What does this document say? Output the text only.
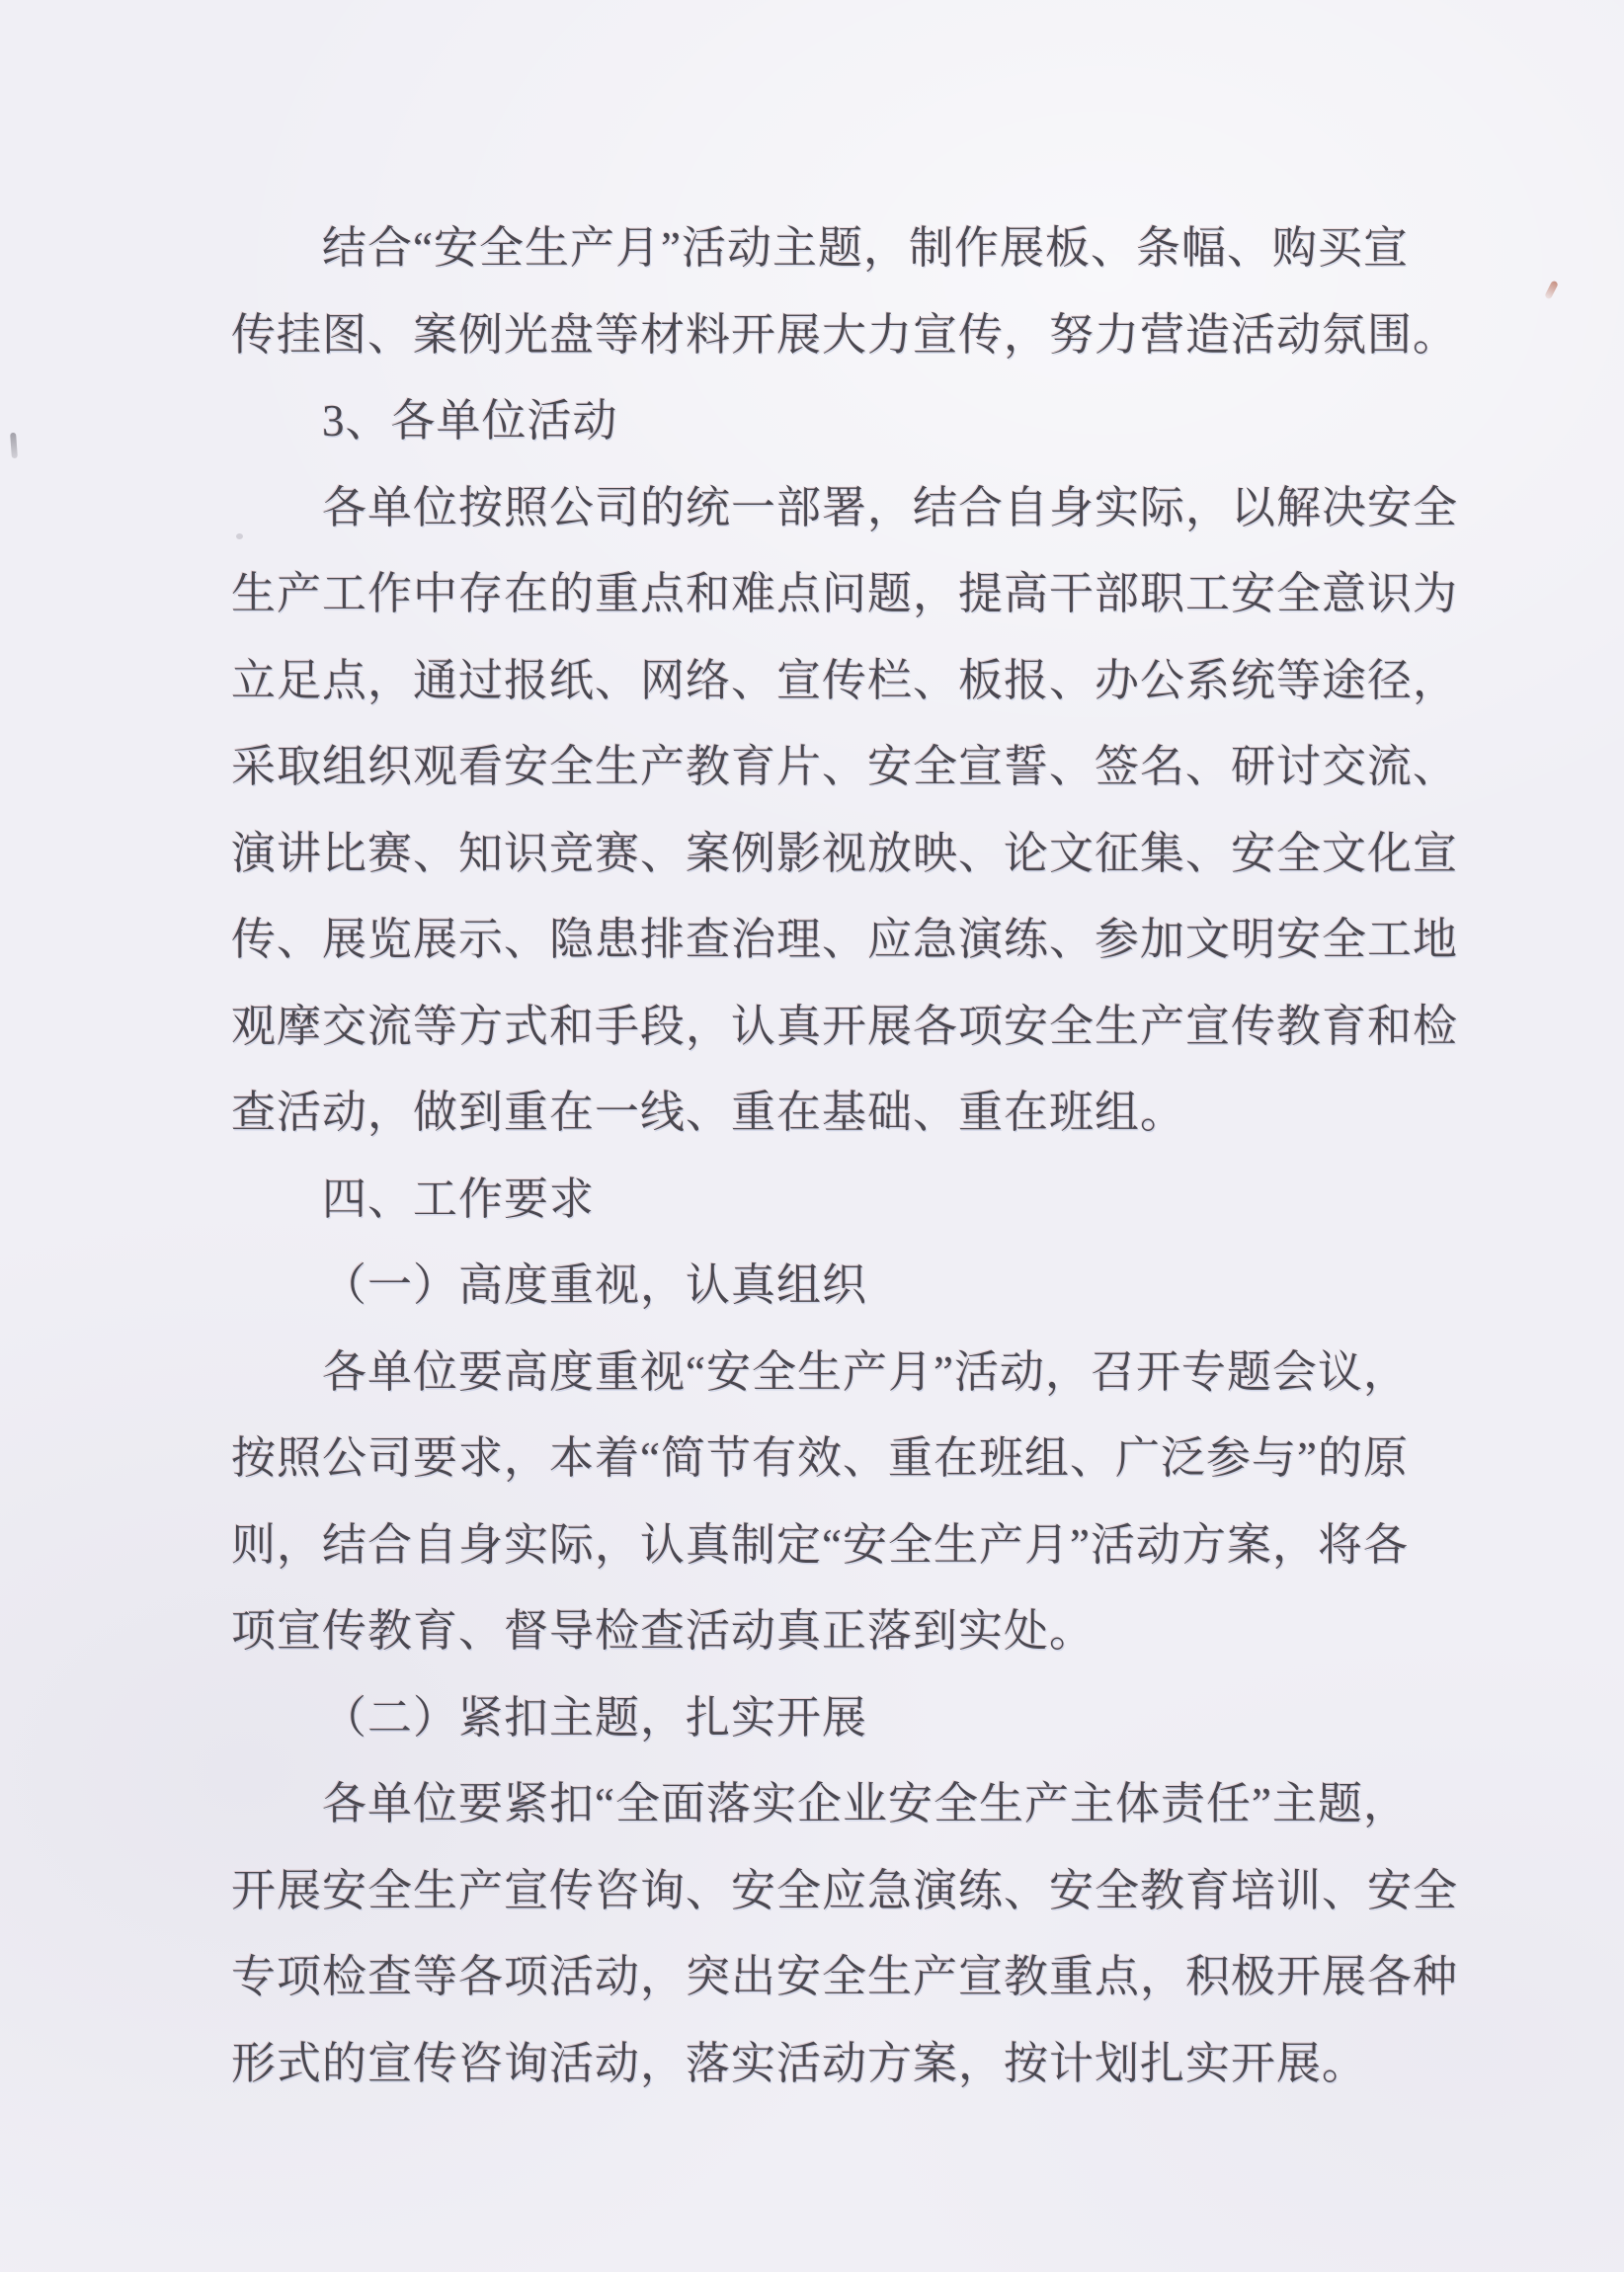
结合“安全生产月”活动主题，制作展板、条幅、购买宣
传挂图、案例光盘等材料开展大力宣传，努力营造活动氛围。
3、各单位活动
各单位按照公司的统一部署，结合自身实际，以解决安全
生产工作中存在的重点和难点问题，提高干部职工安全意识为
立足点，通过报纸、网络、宣传栏、板报、办公系统等途径，
采取组织观看安全生产教育片、安全宣誓、签名、研讨交流、
演讲比赛、知识竞赛、案例影视放映、论文征集、安全文化宣
传、展览展示、隐患排查治理、应急演练、参加文明安全工地
观摩交流等方式和手段，认真开展各项安全生产宣传教育和检
查活动，做到重在一线、重在基础、重在班组。
四、工作要求
（一）高度重视，认真组织
各单位要高度重视“安全生产月”活动，召开专题会议，
按照公司要求，本着“简节有效、重在班组、广泛参与”的原
则，结合自身实际，认真制定“安全生产月”活动方案，将各
项宣传教育、督导检查活动真正落到实处。
（二）紧扣主题，扎实开展
各单位要紧扣“全面落实企业安全生产主体责任”主题，
开展安全生产宣传咨询、安全应急演练、安全教育培训、安全
专项检查等各项活动，突出安全生产宣教重点，积极开展各种
形式的宣传咨询活动，落实活动方案，按计划扎实开展。
